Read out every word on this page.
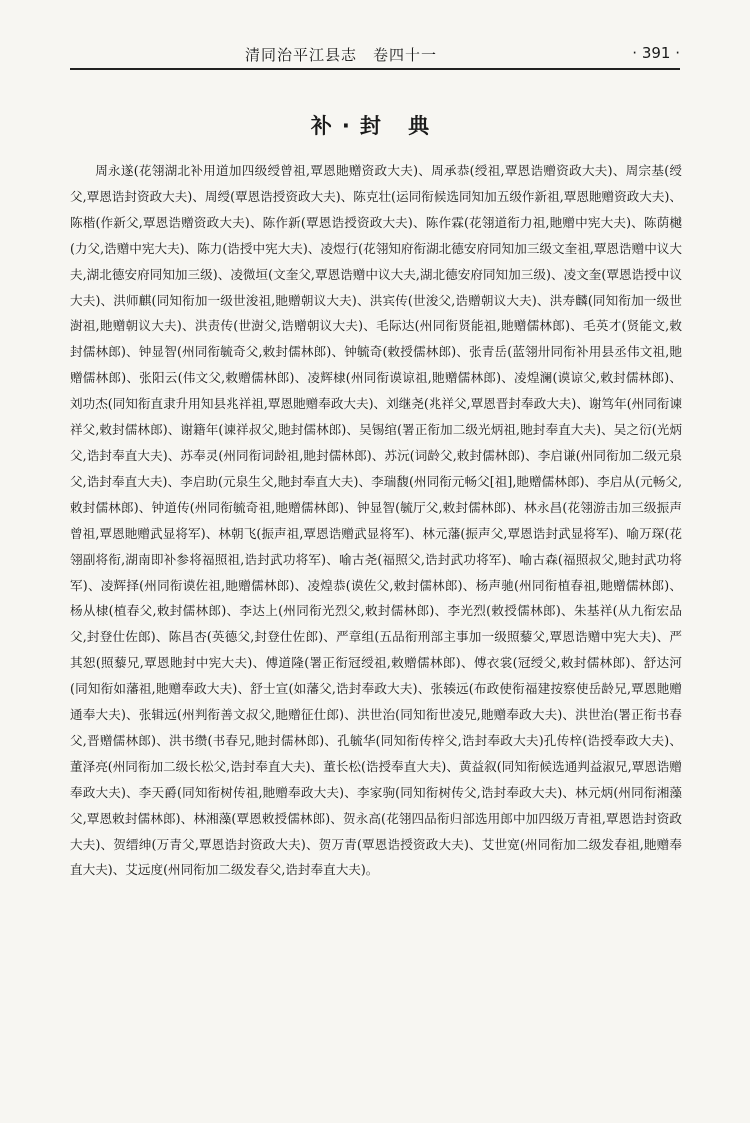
清同治平江县志　卷四十一	· 391 ·
补·封 典

周永遂(花翎湖北补用道加四级绶曾祖,覃恩貤赠资政大夫)、周承恭(绶祖,覃恩诰赠资政大夫)、周宗基(绶父,覃恩诰封资政大夫)、周绶(覃恩诰授资政大夫)、陈克壮(运同衔候选同知加五级作新祖,覃恩貤赠资政大夫)、陈楷(作新父,覃恩诰赠资政大夫)、陈作新(覃恩诰授资政大夫)、陈作霖(花翎道衔力祖,貤赠中宪大夫)、陈荫樾(力父,诰赠中宪大夫)、陈力(诰授中宪大夫)、凌煜行(花翎知府衔湖北德安府同知加三级文奎祖,覃恩诰赠中议大夫,湖北德安府同知加三级)、凌微垣(文奎父,覃恩诰赠中议大夫,湖北德安府同知加三级)、凌文奎(覃恩诰授中议大夫)、洪师麒(同知衔加一级世浚祖,貤赠朝议大夫)、洪宾传(世浚父,诰赠朝议大夫)、洪寿麟(同知衔加一级世澍祖,貤赠朝议大夫)、洪责传(世澍父,诰赠朝议大夫)、毛际达(州同衔贤能祖,貤赠儒林郎)、毛英才(贤能文,敕封儒林郎)、钟显智(州同衔毓奇父,敕封儒林郎)、钟毓奇(敕授儒林郎)、张青岳(蓝翎卅同衔补用县丞伟文祖,貤赠儒林郎)、张阳云(伟文父,敕赠儒林郎)、凌辉棣(州同衔谟谅祖,貤赠儒林郎)、凌煌澜(谟谅父,敕封儒林郎)、刘功杰(同知衔直隶升用知县兆祥祖,覃恩貤赠奉政大夫)、刘继尧(兆祥父,覃恩晋封奉政大夫)、谢笃年(州同衔谏祥父,敕封儒林郎)、谢籍年(谏祥叔父,貤封儒林郎)、吴锡绾(署正衔加二级光炳祖,貤封奉直大夫)、吴之衍(光炳父,诰封奉直大夫)、苏奉灵(州同衔词龄祖,貤封儒林郎)、苏沅(词龄父,敕封儒林郎)、李启谦(州同衔加二级元泉父,诰封奉直大夫)、李启助(元泉生父,貤封奉直大夫)、李瑞馥(州同衔元畅父[祖],貤赠儒林郎)、李启从(元畅父,敕封儒林郎)、钟道传(州同衔毓奇祖,貤赠儒林郎)、钟显智(毓厅父,敕封儒林郎)、林永昌(花翎游击加三级振声曾祖,覃恩貤赠武显将军)、林朝飞(振声祖,覃恩诰赠武显将军)、林元藩(振声父,覃恩诰封武显将军)、喻万琛(花翎副将衔,湖南即补参将福照祖,诰封武功将军)、喻古尧(福照父,诰封武功将军)、喻古森(福照叔父,貤封武功将军)、凌辉择(州同衔谟佐祖,貤赠儒林郎)、凌煌恭(谟佐父,敕封儒林郎)、杨声驰(州同衔植春祖,貤赠儒林郎)、杨从棣(植春父,敕封儒林郎)、李达上(州同衔光烈父,敕封儒林郎)、李光烈(敕授儒林郎)、朱基祥(从九衔宏品父,封登仕佐郎)、陈昌杏(英德父,封登仕佐郎)、严章组(五品衔刑部主事加一级照藜父,覃恩诰赠中宪大夫)、严其恕(照藜兄,覃恩貤封中宪大夫)、傅道隆(署正衔冠绶祖,敕赠儒林郎)、傅衣裳(冠绶父,敕封儒林郎)、舒达河(同知衔如藩祖,貤赠奉政大夫)、舒士宣(如藩父,诰封奉政大夫)、张辏远(布政使衔福建按察使岳龄兄,覃恩貤赠通奉大夫)、张辑远(州判衔善文叔父,貤赠征仕郎)、洪世治(同知衔世凌兄,貤赠奉政大夫)、洪世治(署正衔书春父,晋赠儒林郎)、洪书缵(书春兄,貤封儒林郎)、孔毓华(同知衔传梓父,诰封奉政大夫)孔传梓(诰授奉政大夫)、董泽亮(州同衔加二级长松父,诰封奉直大夫)、董长松(诰授奉直大夫)、黄益叙(同知衔候选通判益淑兄,覃恩诰赠奉政大夫)、李天爵(同知衔树传祖,貤赠奉政大夫)、李家驹(同知衔树传父,诰封奉政大夫)、林元炳(州同衔湘藻父,覃恩敕封儒林郎)、林湘藻(覃恩敕授儒林郎)、贺永高(花翎四品衔归部选用郎中加四级万青祖,覃恩诰封资政大夫)、贺缙绅(万青父,覃恩诰封资政大夫)、贺万青(覃恩诰授资政大夫)、艾世宽(州同衔加二级发春祖,貤赠奉直大夫)、艾远度(州同衔加二级发春父,诰封奉直大夫)。
